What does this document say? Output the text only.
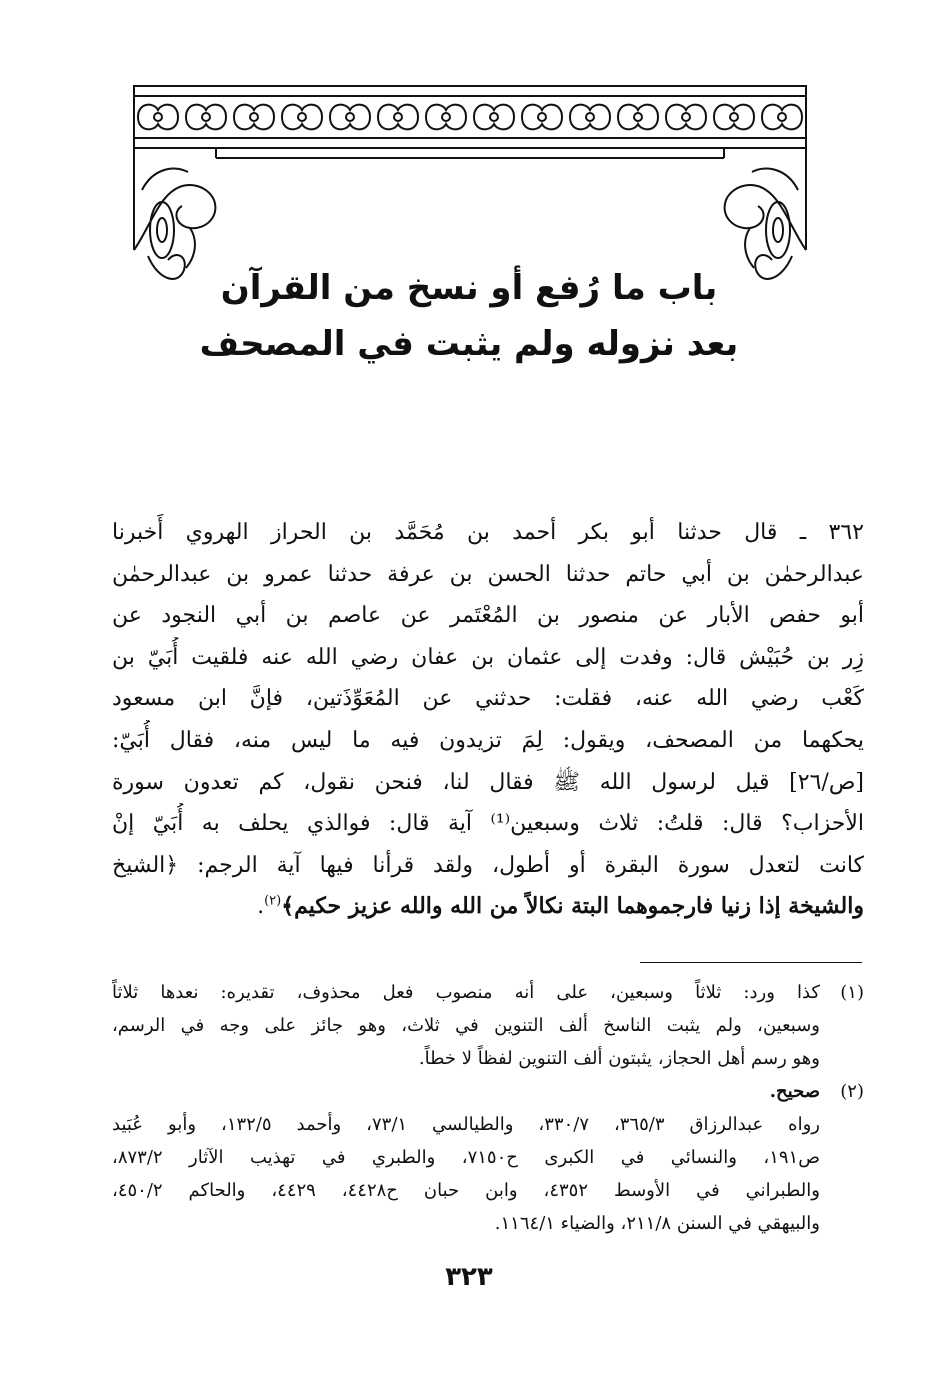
باب ما رُفع أو نسخ من القرآن
بعد نزوله ولم يثبت في المصحف
٣٦٢ ـ قال حدثنا أبو بكر أحمد بن مُحَمَّد بن الحراز الهروي أَخبرنا
عبدالرحمٰن بن أبي حاتم حدثنا الحسن بن عرفة حدثنا عمرو بن عبدالرحمٰن
أبو حفص الأبار عن منصور بن المُعْتَمر عن عاصم بن أبي النجود عن
زِر بن حُبَيْش قال: وفدت إلى عثمان بن عفان رضي الله عنه فلقيت أُبَيّ بن
كَعْب رضي الله عنه، فقلت: حدثني عن المُعَوِّذَتين، فإنَّ ابن مسعود
يحكهما من المصحف، ويقول: لِمَ تزيدون فيه ما ليس منه، فقال أُبَيّ:
[ص/٢٦] قيل لرسول الله ﷺ فقال لنا، فنحن نقول، كم تعدون سورة
الأحزاب؟ قال: قلتُ: ثلاث وسبعين⁽¹⁾ آية قال: فوالذي يحلف به أُبَيّ إنْ
كانت لتعدل سورة البقرة أو أطول، ولقد قرأنا فيها آية الرجم: ﴿الشيخ
والشيخة إذا زنيا فارجموهما البتة نكالاً من الله والله عزيز حكيم﴾$^{(٢)}$.
(١)
كذا ورد: ثلاثاً وسبعين، على أنه منصوب فعل محذوف، تقديره: نعدها ثلاثاً
وسبعين، ولم يثبت الناسخ ألف التنوين في ثلاث، وهو جائز على وجه في الرسم،
وهو رسم أهل الحجاز، يثبتون ألف التنوين لفظاً لا خطاً.
(٢)
صحيح.
رواه عبدالرزاق ٣٦٥/٣، ٣٣٠/٧، والطيالسي ٧٣/١، وأحمد ١٣٢/٥، وأبو عُبَيد
ص١٩١، والنسائي في الكبرى ح٧١٥٠، والطبري في تهذيب الآثار ٨٧٣/٢،
والطبراني في الأوسط ٤٣٥٢، وابن حبان ح٤٤٢٨، ٤٤٢٩، والحاكم ٤٥٠/٢،
والبيهقي في السنن ٢١١/٨، والضياء ١١٦٤/١.
٣٢٣
